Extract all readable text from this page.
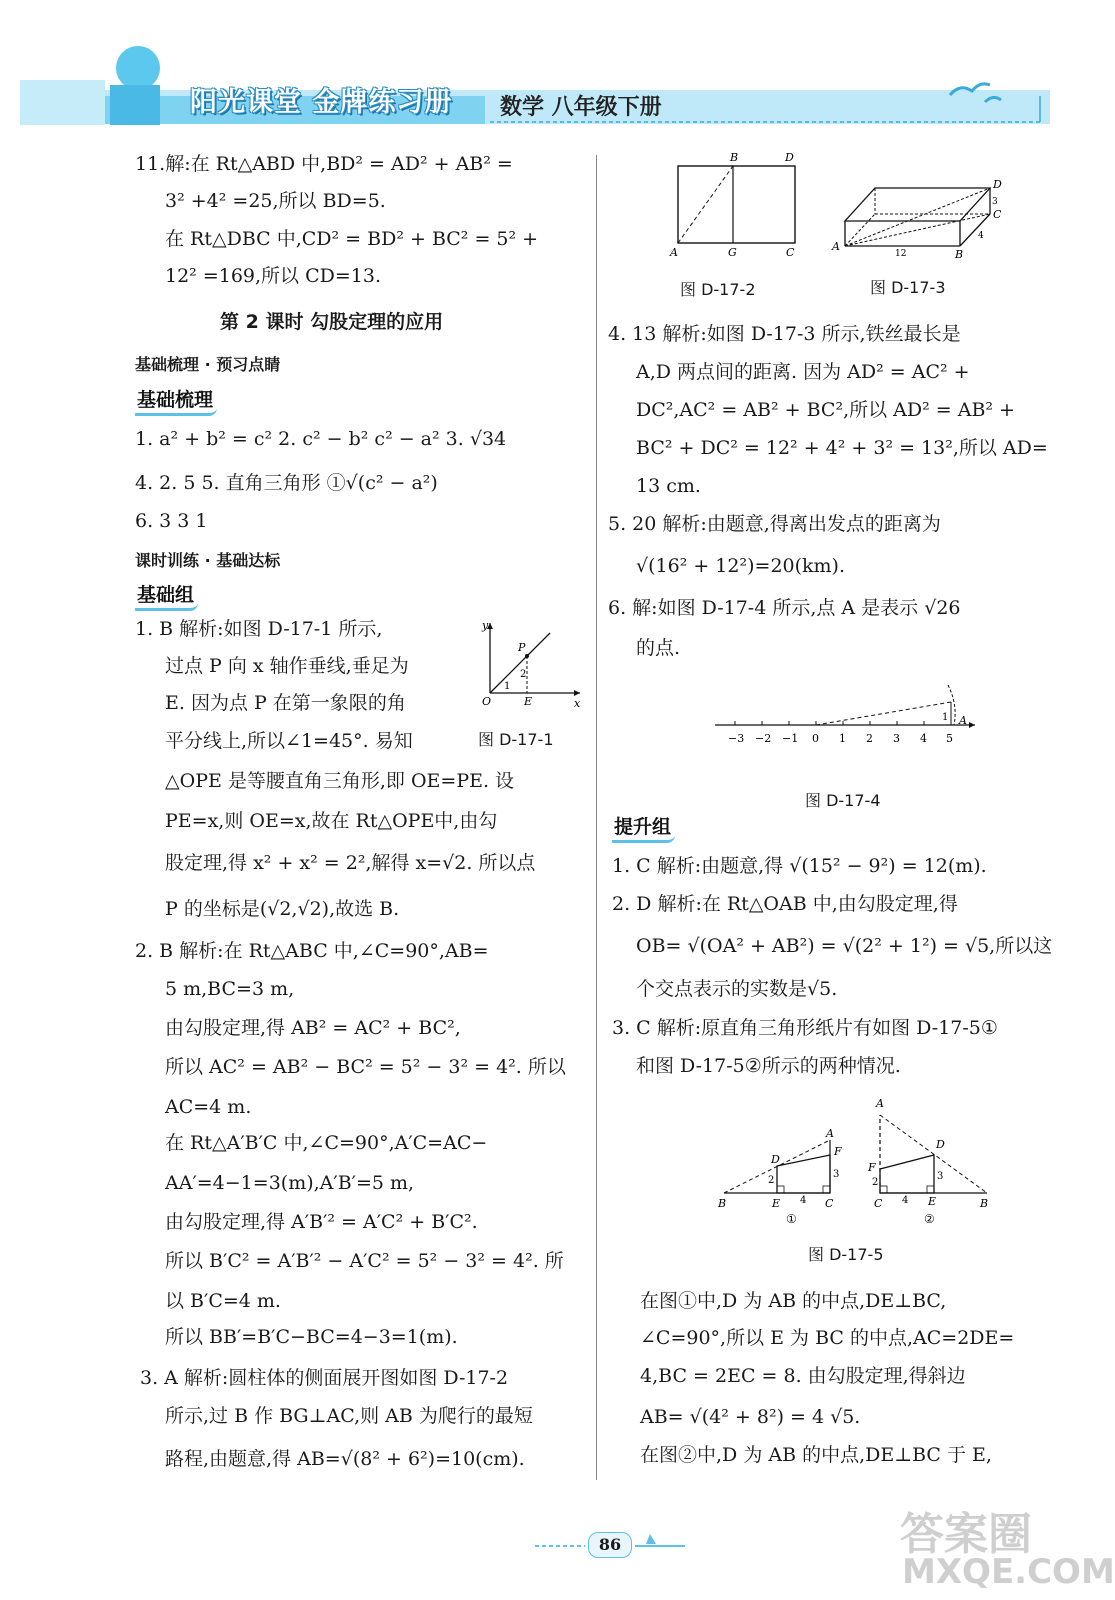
阳光课堂 金牌练习册 数学 八年级下册
11.解:在 Rt△ABD 中,BD² = AD² + AB² =
3² +4² =25,所以 BD=5.
在 Rt△DBC 中,CD² = BD² + BC² = 5² +
12² =169,所以 CD=13.
第 2 课时 勾股定理的应用
基础梳理 · 预习点睛
基础梳理
1. a² + b² = c² 2. c² − b² c² − a² 3. √34
4. 2. 5 5. 直角三角形 ①√(c² − a²)
6. 3 3 1
课时训练 · 基础达标
基础组
1. B 解析:如图 D-17-1 所示,
过点 P 向 x 轴作垂线,垂足为
E. 因为点 P 在第一象限的角
平分线上,所以∠1=45°. 易知
△OPE 是等腰直角三角形,即 OE=PE. 设
PE=x,则 OE=x,故在 Rt△OPE中,由勾
股定理,得 x² + x² = 2²,解得 x=√2. 所以点
P 的坐标是(√2,√2),故选 B.
y
x
O
P
E
1
2
图 D-17-1
2. B 解析:在 Rt△ABC 中,∠C=90°,AB=
5 m,BC=3 m,
由勾股定理,得 AB² = AC² + BC²,
所以 AC² = AB² − BC² = 5² − 3² = 4². 所以
AC=4 m.
在 Rt△A′B′C 中,∠C=90°,A′C=AC−
AA′=4−1=3(m),A′B′=5 m,
由勾股定理,得 A′B′² = A′C² + B′C².
所以 B′C² = A′B′² − A′C² = 5² − 3² = 4². 所
以 B′C=4 m.
所以 BB′=B′C−BC=4−3=1(m).
3. A 解析:圆柱体的侧面展开图如图 D-17-2
所示,过 B 作 BG⊥AC,则 AB 为爬行的最短
路程,由题意,得 AB=√(8² + 6²)=10(cm).
B	D
A	G	C
图 D-17-2
D
C
A
B
3
4
12
图 D-17-3
4. 13 解析:如图 D-17-3 所示,铁丝最长是
A,D 两点间的距离. 因为 AD² = AC² +
DC²,AC² = AB² + BC²,所以 AD² = AB² +
BC² + DC² = 12² + 4² + 3² = 13²,所以 AD=
13 cm.
5. 20 解析:由题意,得离出发点的距离为
√(16² + 12²)=20(km).
6. 解:如图 D-17-4 所示,点 A 是表示 √26
的点.
−3 −2 −1 0 1 2 3 4 5
1 A
图 D-17-4
提升组
1. C 解析:由题意,得 √(15² − 9²) = 12(m).
2. D 解析:在 Rt△OAB 中,由勾股定理,得
OB= √(OA² + AB²) = √(2² + 1²) = √5,所以这
个交点表示的实数是√5.
3. C 解析:原直角三角形纸片有如图 D-17-5①
和图 D-17-5②所示的两种情况.
B	E	C
A
D
F
2
3
4
①
A
D
F
C	E	B
2
3
4
②
图 D-17-5
在图①中,D 为 AB 的中点,DE⊥BC,
∠C=90°,所以 E 为 BC 的中点,AC=2DE=
4,BC = 2EC = 8. 由勾股定理,得斜边
AB= √(4² + 8²) = 4 √5.
在图②中,D 为 AB 的中点,DE⊥BC 于 E,
86	答案圈
MXQE.COM
